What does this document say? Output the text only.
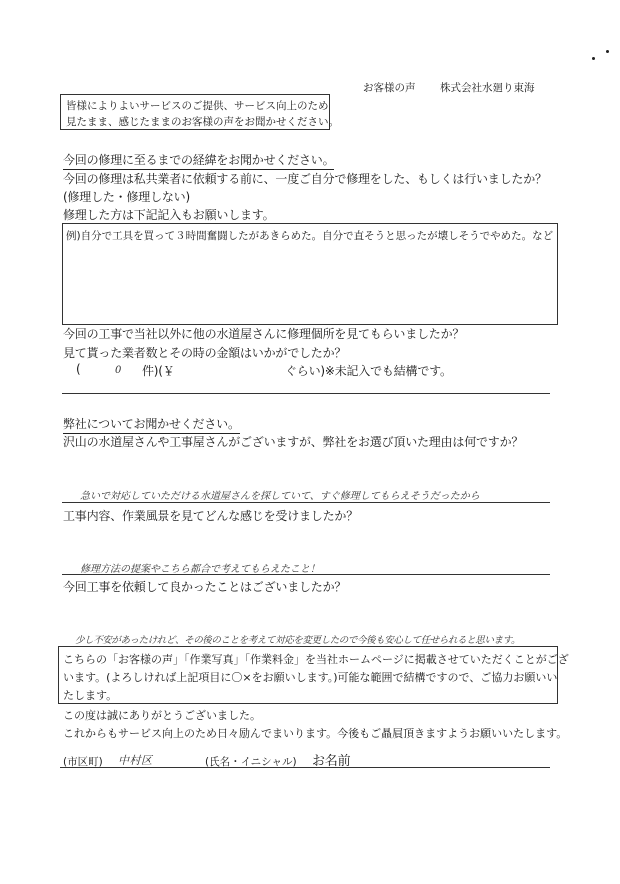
お客様の声 株式会社水廻り東海
皆様によりよいサービスのご提供、サービス向上のため
見たまま、感じたままのお客様の声をお聞かせください。
今回の修理に至るまでの経緯をお聞かせください。
今回の修理は私共業者に依頼する前に、一度ご自分で修理をした、もしくは行いましたか？
(修理した・修理しない)
修理した方は下記記入もお願いします。
例)自分で工具を買って３時間奮闘したがあきらめた。自分で直そうと思ったが壊しそうでやめた。など
今回の工事で当社以外に他の水道屋さんに修理個所を見てもらいましたか？
見て貰った業者数とその時の金額はいかがでしたか？
(	0 件)(￥	ぐらい)※未記入でも結構です。
弊社についてお聞かせください。
沢山の水道屋さんや工事屋さんがございますが、弊社をお選び頂いた理由は何ですか？
急いで対応していただける水道屋さんを探していて、すぐ修理してもらえそうだったから
工事内容、作業風景を見てどんな感じを受けましたか？
修理方法の提案やこちら都合で考えてもらえたこと！
今回工事を依頼して良かったことはございましたか？
少し不安があったけれど、その後のことを考えて対応を変更したので今後も安心して任せられると思います。
こちらの「お客様の声」「作業写真」「作業料金」を当社ホームページに掲載させていただくことがござ
います。(よろしければ上記項目に〇×をお願いします。)可能な範囲で結構ですので、ご協力お願いい
たします。
この度は誠にありがとうございました。
これからもサービス向上のため日々励んでまいります。今後もご贔屓頂きますようお願いいたします。
(市区町) 中村区	(氏名・イニシャル) お名前
